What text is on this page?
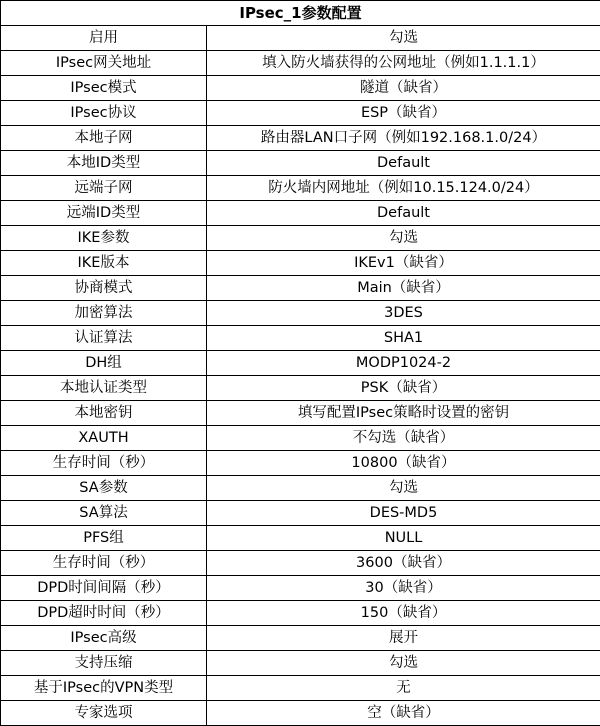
IPsec_1参数配置	
启用	勾选
IPsec网关地址	填入防火墙获得的公网地址（例如1.1.1.1）
IPsec模式	隧道（缺省）
IPsec协议	ESP（缺省）
本地子网	路由器LAN口子网（例如192.168.1.0/24）
本地ID类型	Default
远端子网	防火墙内网地址（例如10.15.124.0/24）
远端ID类型	Default
IKE参数	勾选
IKE版本	IKEv1（缺省）
协商模式	Main（缺省）
加密算法	3DES
认证算法	SHA1
DH组	MODP1024-2
本地认证类型	PSK（缺省）
本地密钥	填写配置IPsec策略时设置的密钥
XAUTH	不勾选（缺省）
生存时间（秒）	10800（缺省）
SA参数	勾选
SA算法	DES-MD5
PFS组	NULL
生存时间（秒）	3600（缺省）
DPD时间间隔（秒）	30（缺省）
DPD超时时间（秒）	150（缺省）
IPsec高级	展开
支持压缩	勾选
基于IPsec的VPN类型	无
专家选项	空（缺省）
